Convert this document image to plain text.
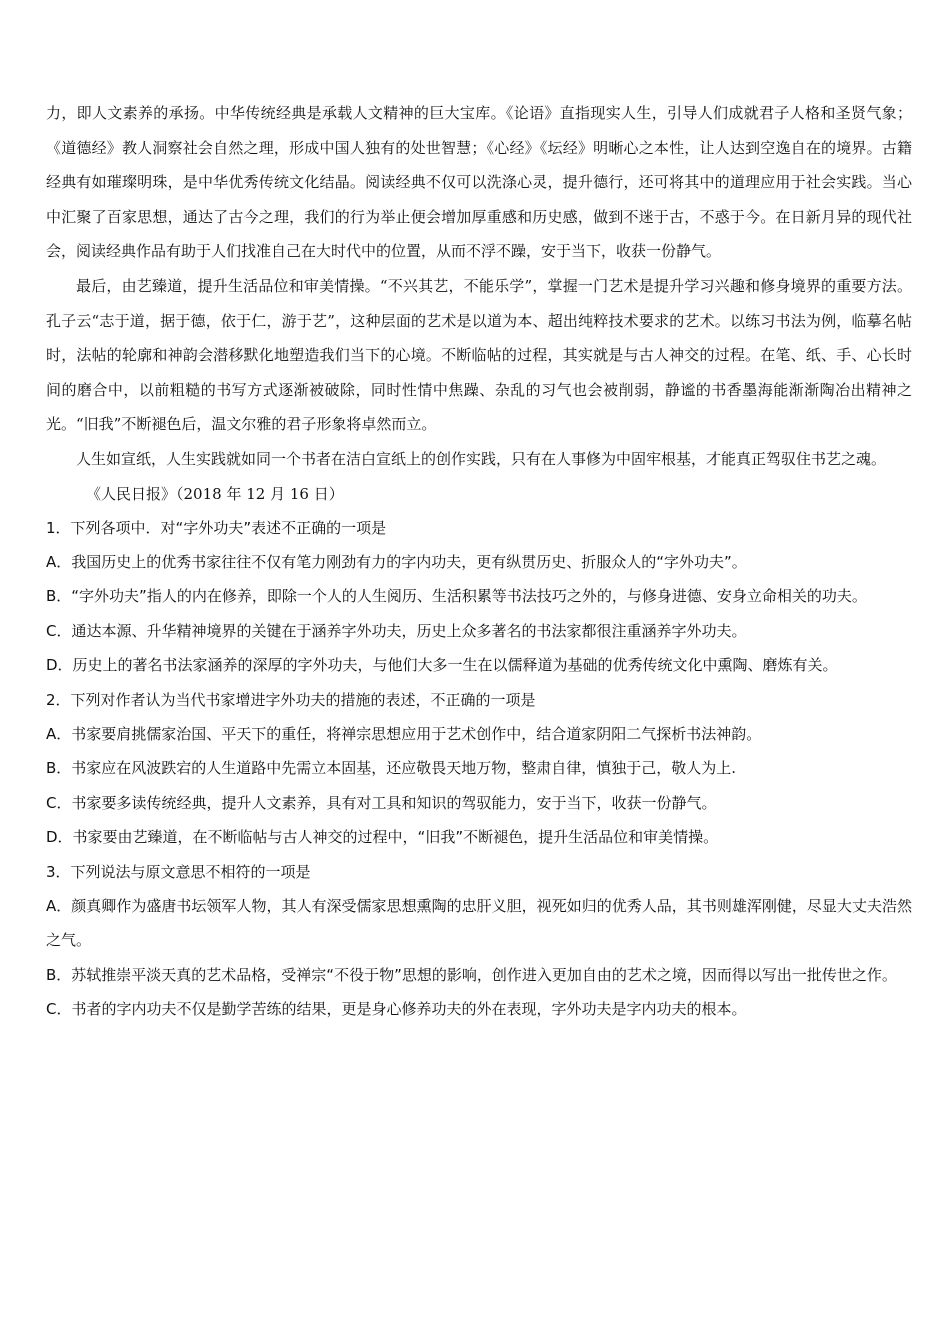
力，即人文素养的承扬。中华传统经典是承载人文精神的巨大宝库。《论语》直指现实人生，引导人们成就君子人格和圣贤气象；《道德经》教人洞察社会自然之理，形成中国人独有的处世智慧；《心经》《坛经》明晰心之本性，让人达到空逸自在的境界。古籍经典有如璀璨明珠，是中华优秀传统文化结晶。阅读经典不仅可以洗涤心灵，提升德行，还可将其中的道理应用于社会实践。当心中汇聚了百家思想，通达了古今之理，我们的行为举止便会增加厚重感和历史感，做到不迷于古，不惑于今。在日新月异的现代社会，阅读经典作品有助于人们找准自己在大时代中的位置，从而不浮不躁，安于当下，收获一份静气。

最后，由艺臻道，提升生活品位和审美情操。“不兴其艺，不能乐学”，掌握一门艺术是提升学习兴趣和修身境界的重要方法。孔子云“志于道，据于德，依于仁，游于艺”，这种层面的艺术是以道为本、超出纯粹技术要求的艺术。以练习书法为例，临摹名帖时，法帖的轮廓和神韵会潜移默化地塑造我们当下的心境。不断临帖的过程，其实就是与古人神交的过程。在笔、纸、手、心长时间的磨合中，以前粗糙的书写方式逐渐被破除，同时性情中焦躁、杂乱的习气也会被削弱，静谧的书香墨海能渐渐陶冶出精神之光。“旧我”不断褪色后，温文尔雅的君子形象将卓然而立。

人生如宣纸，人生实践就如同一个书者在洁白宣纸上的创作实践，只有在人事修为中固牢根基，才能真正驾驭住书艺之魂。

《人民日报》（2018 年 12 月 16 日）

1．下列各项中．对“字外功夫”表述不正确的一项是

A．我国历史上的优秀书家往往不仅有笔力刚劲有力的字内功夫，更有纵贯历史、折服众人的“字外功夫”。

B．“字外功夫”指人的内在修养，即除一个人的人生阅历、生活积累等书法技巧之外的，与修身进德、安身立命相关的功夫。

C．通达本源、升华精神境界的关键在于涵养字外功夫，历史上众多著名的书法家都很注重涵养字外功夫。

D．历史上的著名书法家涵养的深厚的字外功夫，与他们大多一生在以儒释道为基础的优秀传统文化中熏陶、磨炼有关。

2．下列对作者认为当代书家增进字外功夫的措施的表述，不正确的一项是

A．书家要肩挑儒家治国、平天下的重任，将禅宗思想应用于艺术创作中，结合道家阴阳二气探析书法神韵。

B．书家应在风波跌宕的人生道路中先需立本固基，还应敬畏天地万物，整肃自律，慎独于己，敬人为上.

C．书家要多读传统经典，提升人文素养，具有对工具和知识的驾驭能力，安于当下，收获一份静气。

D．书家要由艺臻道，在不断临帖与古人神交的过程中，“旧我”不断褪色，提升生活品位和审美情操。

3．下列说法与原文意思不相符的一项是

A．颜真卿作为盛唐书坛领军人物，其人有深受儒家思想熏陶的忠肝义胆，视死如归的优秀人品，其书则雄浑刚健，尽显大丈夫浩然之气。

B．苏轼推崇平淡天真的艺术品格，受禅宗“不役于物”思想的影响，创作进入更加自由的艺术之境，因而得以写出一批传世之作。

C．书者的字内功夫不仅是勤学苦练的结果，更是身心修养功夫的外在表现，字外功夫是字内功夫的根本。
